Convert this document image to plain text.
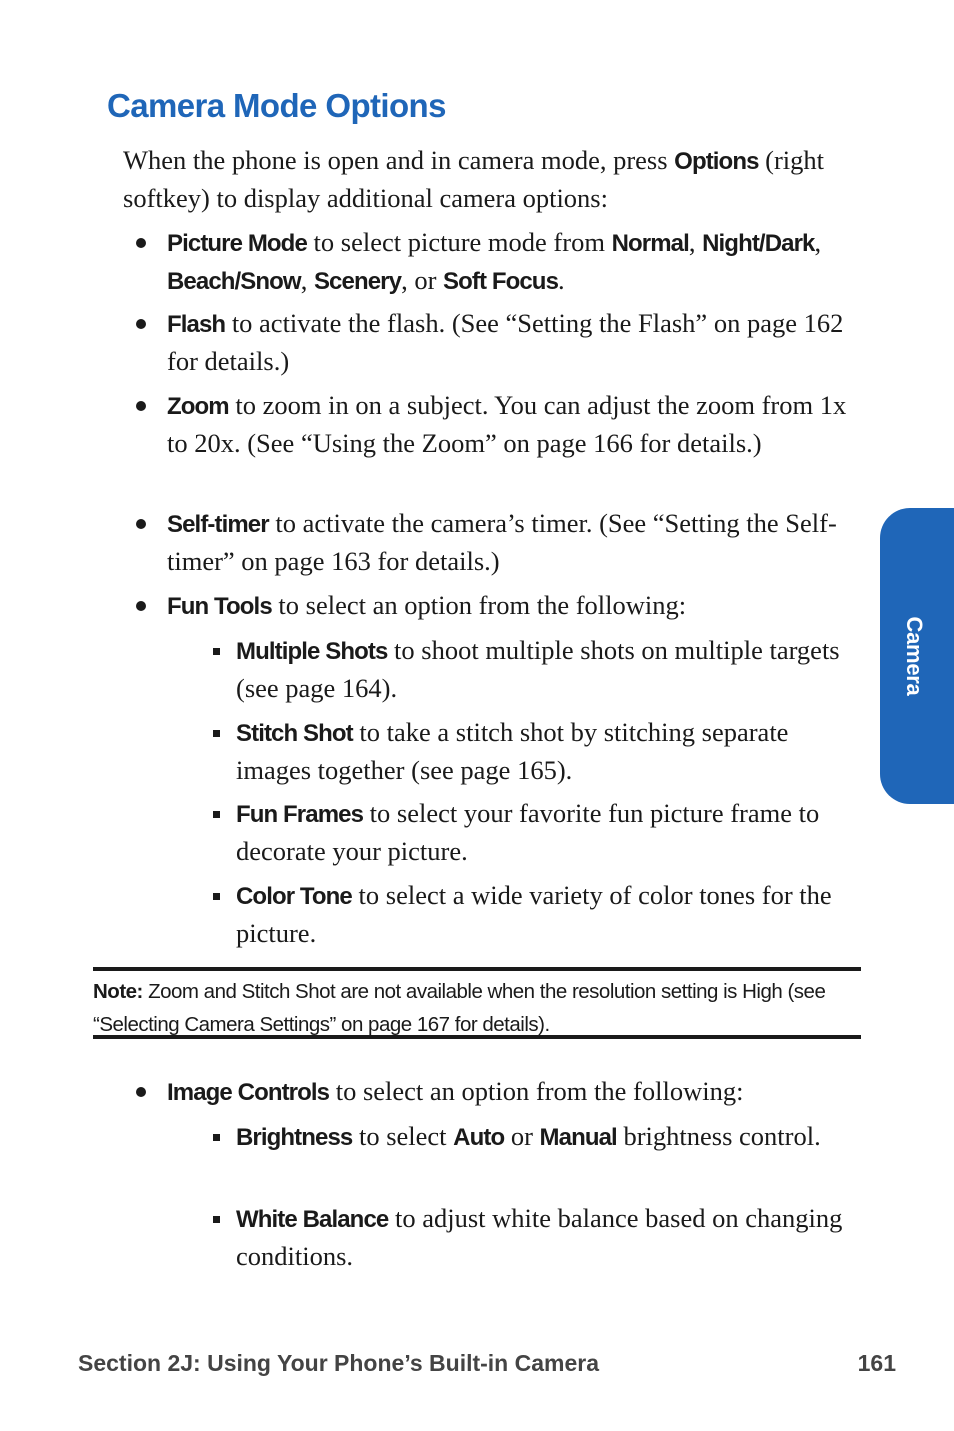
Camera Mode Options

When the phone is open and in camera mode, press Options (right softkey) to display additional camera options:

Picture Mode to select picture mode from Normal, Night/Dark, Beach/Snow, Scenery, or Soft Focus.
Flash to activate the flash. (See “Setting the Flash” on page 162 for details.)
Zoom to zoom in on a subject. You can adjust the zoom from 1x to 20x. (See “Using the Zoom” on page 166 for details.)
Self-timer to activate the camera’s timer. (See “Setting the Self-timer” on page 163 for details.)
Fun Tools to select an option from the following:
Multiple Shots to shoot multiple shots on multiple targets (see page 164).
Stitch Shot to take a stitch shot by stitching separate images together (see page 165).
Fun Frames to select your favorite fun picture frame to decorate your picture.
Color Tone to select a wide variety of color tones for the picture.
Note: Zoom and Stitch Shot are not available when the resolution setting is High (see “Selecting Camera Settings” on page 167 for details).
Image Controls to select an option from the following:
Brightness to select Auto or Manual brightness control.
White Balance to adjust white balance based on changing conditions.
Camera
Section 2J: Using Your Phone’s Built-in Camera	161
